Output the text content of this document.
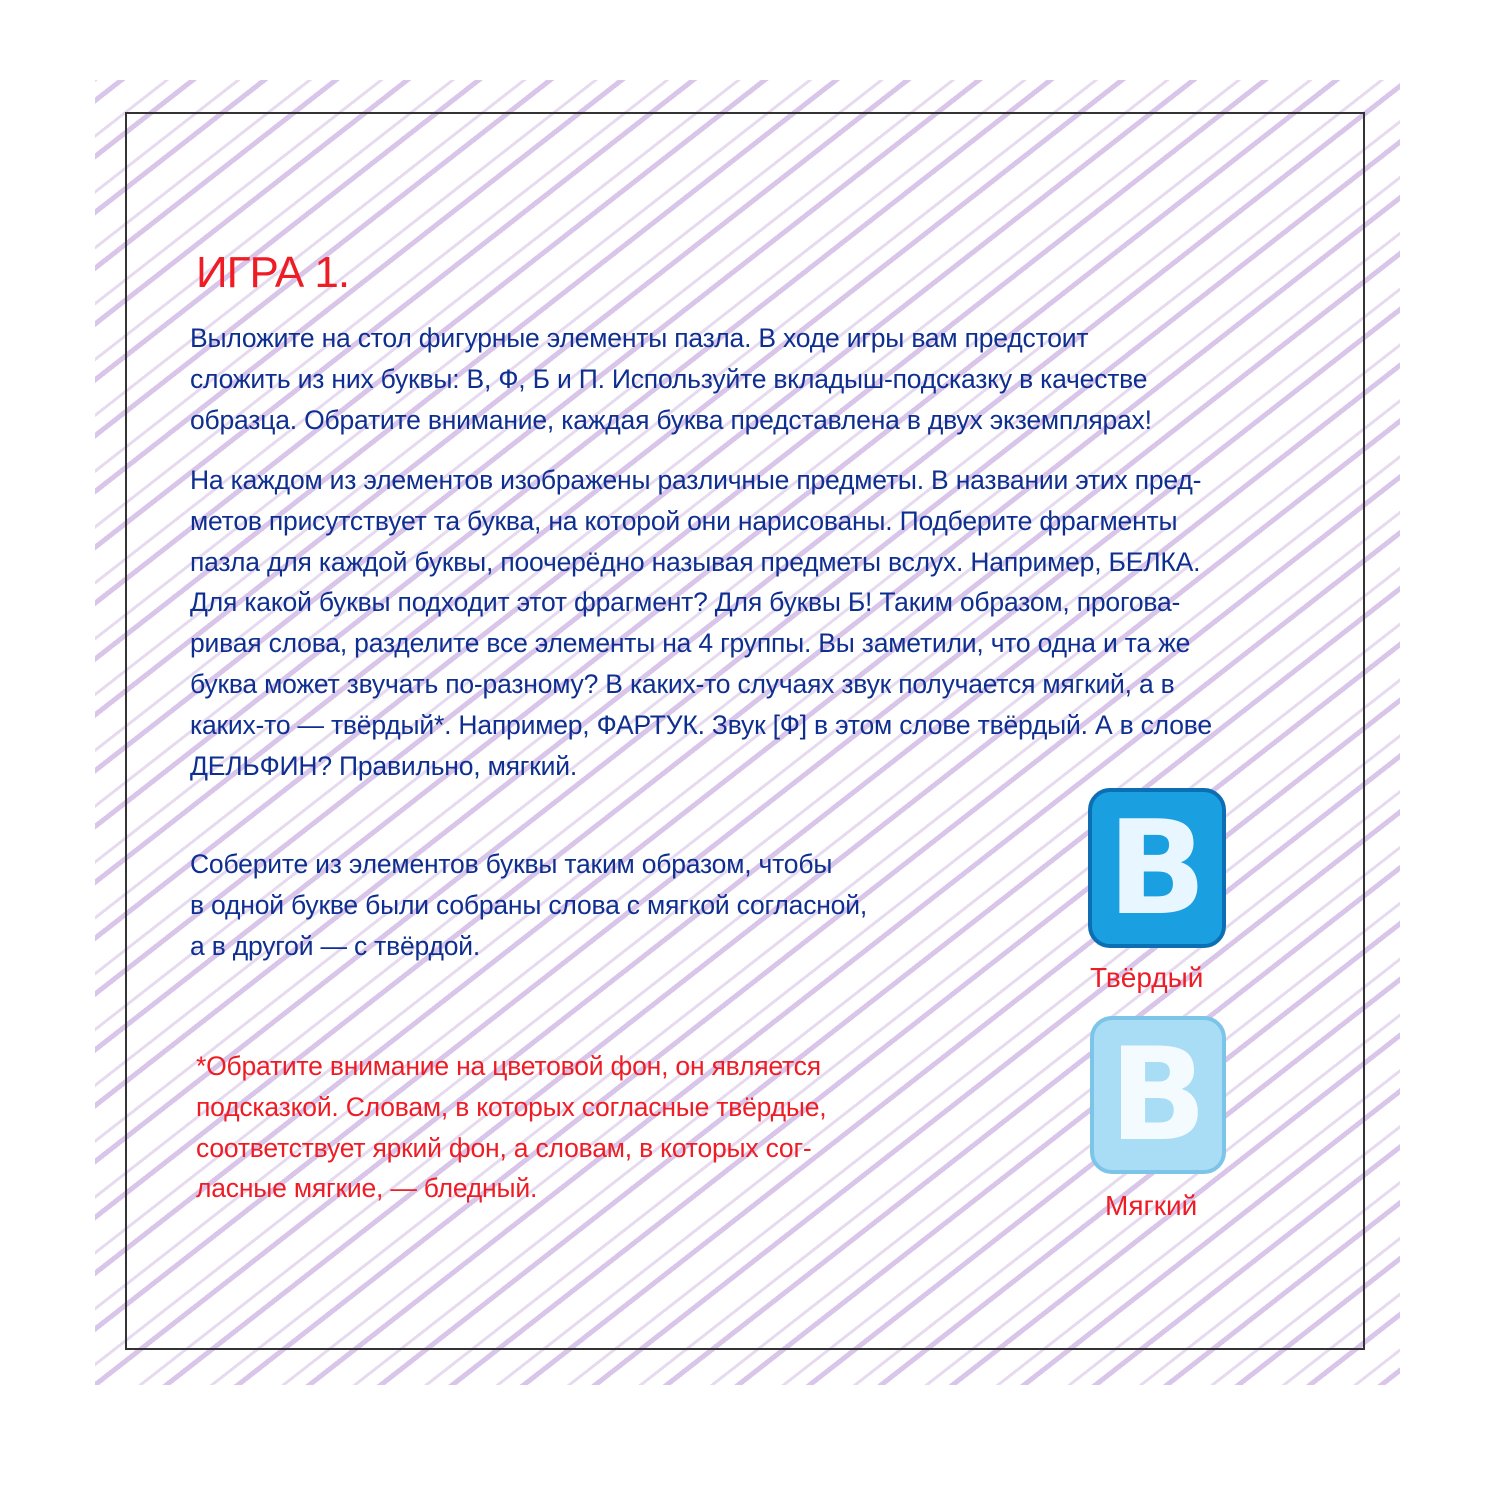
ИГРА 1.
Выложите на стол фигурные элементы пазла. В ходе игры вам предстоит
сложить из них буквы: В, Ф, Б и П. Используйте вкладыш-подсказку в качестве
образца. Обратите внимание, каждая буква представлена в двух экземплярах!
На каждом из элементов изображены различные предметы. В названии этих пред-
метов присутствует та буква, на которой они нарисованы. Подберите фрагменты
пазла для каждой буквы, поочерёдно называя предметы вслух. Например, БЕЛКА.
Для какой буквы подходит этот фрагмент? Для буквы Б! Таким образом, прогова-
ривая слова, разделите все элементы на 4 группы. Вы заметили, что одна и та же
буква может звучать по-разному? В каких-то случаях звук получается мягкий, а в
каких-то — твёрдый*. Например, ФАРТУК. Звук [Ф] в этом слове твёрдый. А в слове
ДЕЛЬФИН? Правильно, мягкий.
Соберите из элементов буквы таким образом, чтобы
в одной букве были собраны слова с мягкой согласной,
а в другой — с твёрдой.
*Обратите внимание на цветовой фон, он является
подсказкой. Словам, в которых согласные твёрдые,
соответствует яркий фон, а словам, в которых сог-
ласные мягкие, — бледный.
В

Твёрдый

В

Мягкий
